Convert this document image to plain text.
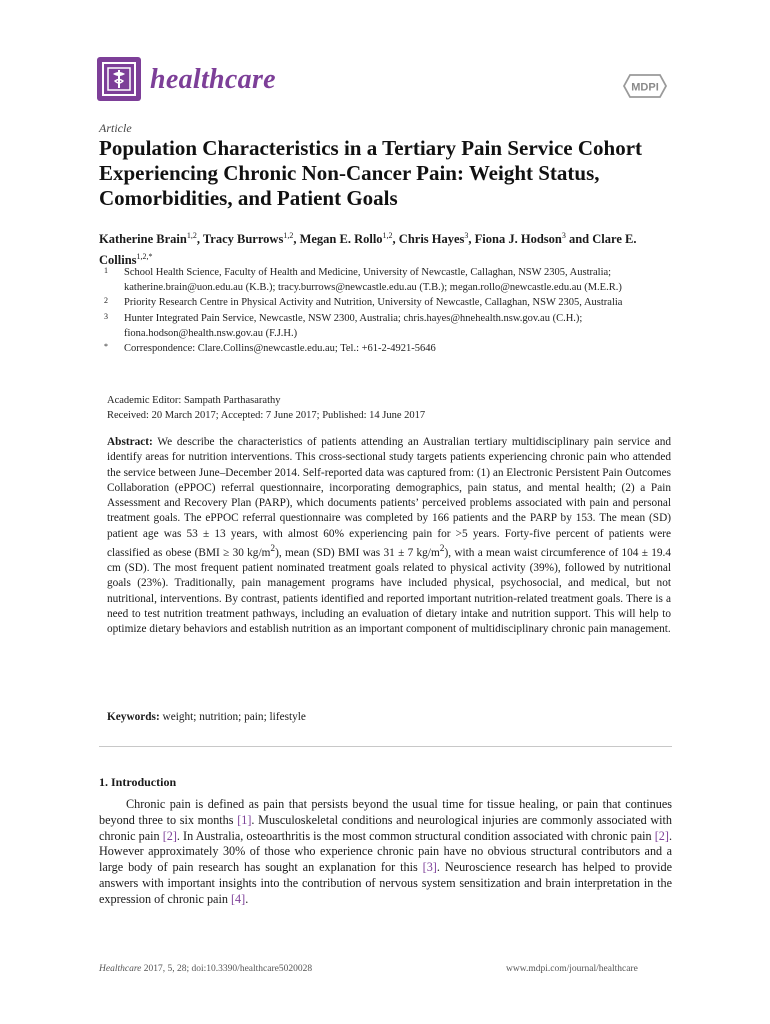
healthcare	MDPI
Article
Population Characteristics in a Tertiary Pain Service Cohort Experiencing Chronic Non-Cancer Pain: Weight Status, Comorbidities, and Patient Goals
Katherine Brain$^{1,2}$, Tracy Burrows$^{1,2}$, Megan E. Rollo$^{1,2}$, Chris Hayes$^3$, Fiona J. Hodson$^3$ and Clare E. Collins$^{1,2,*}$
1	School Health Science, Faculty of Health and Medicine, University of Newcastle, Callaghan, NSW 2305, Australia; katherine.brain@uon.edu.au (K.B.); tracy.burrows@newcastle.edu.au (T.B.); megan.rollo@newcastle.edu.au (M.E.R.)
2	Priority Research Centre in Physical Activity and Nutrition, University of Newcastle, Callaghan, NSW 2305, Australia
3	Hunter Integrated Pain Service, Newcastle, NSW 2300, Australia; chris.hayes@hnehealth.nsw.gov.au (C.H.); fiona.hodson@health.nsw.gov.au (F.J.H.)
*	Correspondence: Clare.Collins@newcastle.edu.au; Tel.: +61-2-4921-5646
Academic Editor: Sampath Parthasarathy
Received: 20 March 2017; Accepted: 7 June 2017; Published: 14 June 2017
Abstract: We describe the characteristics of patients attending an Australian tertiary multidisciplinary pain service and identify areas for nutrition interventions. This cross-sectional study targets patients experiencing chronic pain who attended the service between June–December 2014. Self-reported data was captured from: (1) an Electronic Persistent Pain Outcomes Collaboration (ePPOC) referral questionnaire, incorporating demographics, pain status, and mental health; (2) a Pain Assessment and Recovery Plan (PARP), which documents patients’ perceived problems associated with pain and personal treatment goals. The ePPOC referral questionnaire was completed by 166 patients and the PARP by 153. The mean (SD) patient age was 53 ± 13 years, with almost 60% experiencing pain for >5 years. Forty-five percent of patients were classified as obese (BMI ≥ 30 $kg/m^2$), mean (SD) BMI was 31 ± 7 $kg/m^2$), with a mean waist circumference of 104 ± 19.4 cm (SD). The most frequent patient nominated treatment goals related to physical activity (39%), followed by nutritional goals (23%). Traditionally, pain management programs have included physical, psychosocial, and medical, but not nutritional, interventions. By contrast, patients identified and reported important nutrition-related treatment goals. There is a need to test nutrition treatment pathways, including an evaluation of dietary intake and nutrition support. This will help to optimize dietary behaviors and establish nutrition as an important component of multidisciplinary chronic pain management.
Keywords: weight; nutrition; pain; lifestyle
1. Introduction
Chronic pain is defined as pain that persists beyond the usual time for tissue healing, or pain that continues beyond three to six months [1]. Musculoskeletal conditions and neurological injuries are commonly associated with chronic pain [2]. In Australia, osteoarthritis is the most common structural condition associated with chronic pain [2]. However approximately 30% of those who experience chronic pain have no obvious structural contributors and a large body of pain research has sought an explanation for this [3]. Neuroscience research has helped to provide answers with important insights into the contribution of nervous system sensitization and brain interpretation in the expression of chronic pain [4].
Healthcare 2017, 5, 28; doi:10.3390/healthcare5020028	www.mdpi.com/journal/healthcare
